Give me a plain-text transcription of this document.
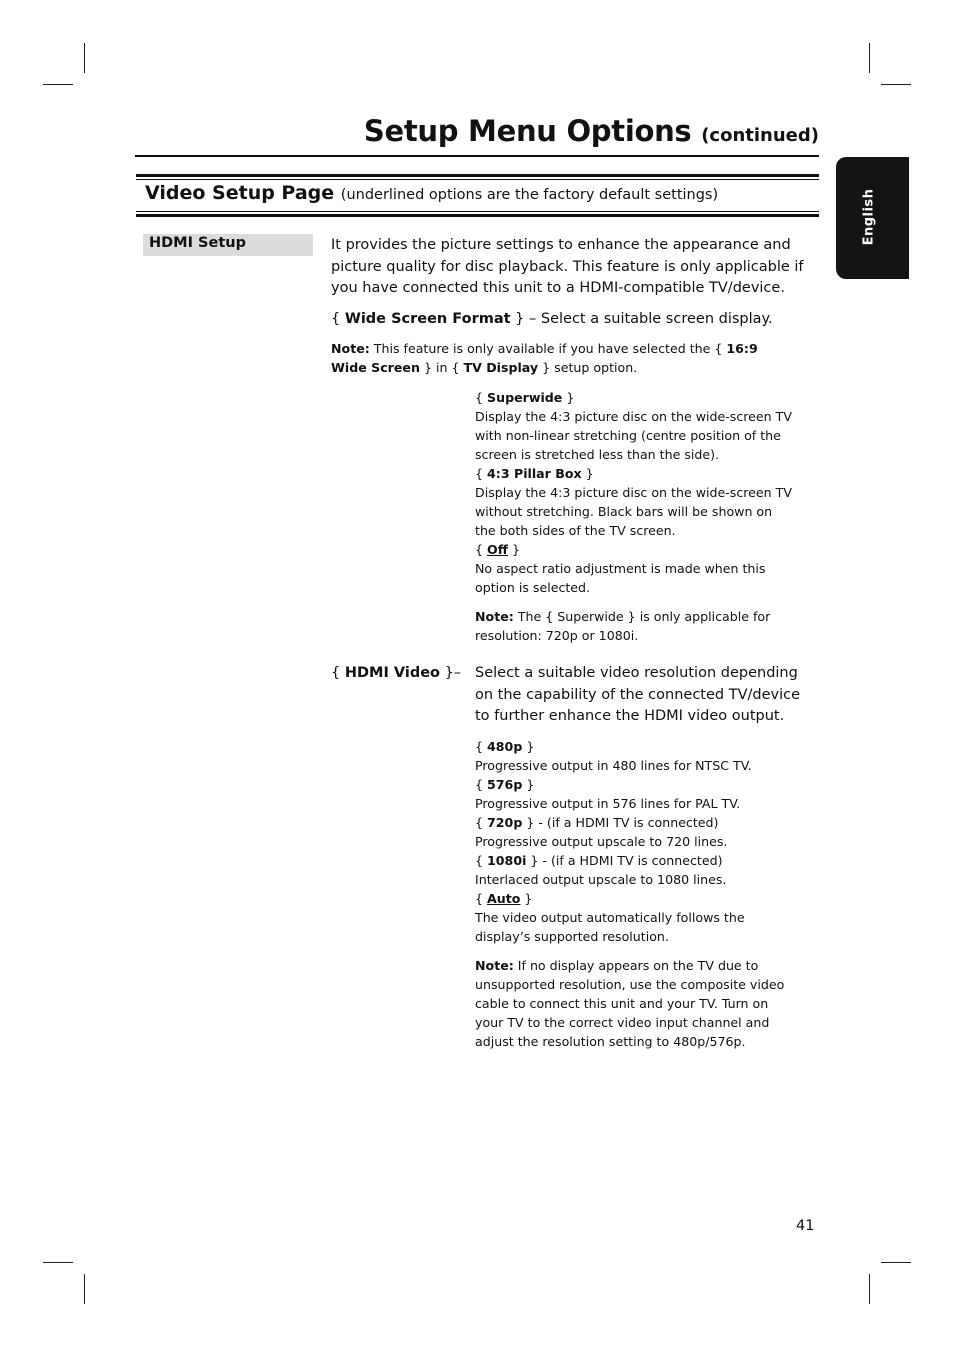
Setup Menu Options (continued)
Video Setup Page (underlined options are the factory default settings)	English
HDMI Setup	It provides the picture settings to enhance the appearance and

picture quality for disc playback. This feature is only applicable if

you have connected this unit to a HDMI-compatible TV/device.

{ Wide Screen Format } – Select a suitable screen display.

Note: This feature is only available if you have selected the { 16:9

Wide Screen } in { TV Display } setup option.

{ Superwide }

Display the 4:3 picture disc on the wide-screen TV

with non-linear stretching (centre position of the

screen is stretched less than the side).

{ 4:3 Pillar Box }

Display the 4:3 picture disc on the wide-screen TV

without stretching. Black bars will be shown on

the both sides of the TV screen.

{ Off }

No aspect ratio adjustment is made when this

option is selected.

Note: The { Superwide } is only applicable for

resolution: 720p or 1080i.

{ HDMI Video }– Select a suitable video resolution depending

on the capability of the connected TV/device

to further enhance the HDMI video output.

{ 480p }

Progressive output in 480 lines for NTSC TV.

{ 576p }

Progressive output in 576 lines for PAL TV.

{ 720p } - (if a HDMI TV is connected)

Progressive output upscale to 720 lines.

{ 1080i } - (if a HDMI TV is connected)

Interlaced output upscale to 1080 lines.

{ Auto }

The video output automatically follows the

display’s supported resolution.

Note: If no display appears on the TV due to

unsupported resolution, use the composite video

cable to connect this unit and your TV. Turn on

your TV to the correct video input channel and

adjust the resolution setting to 480p/576p.

41
